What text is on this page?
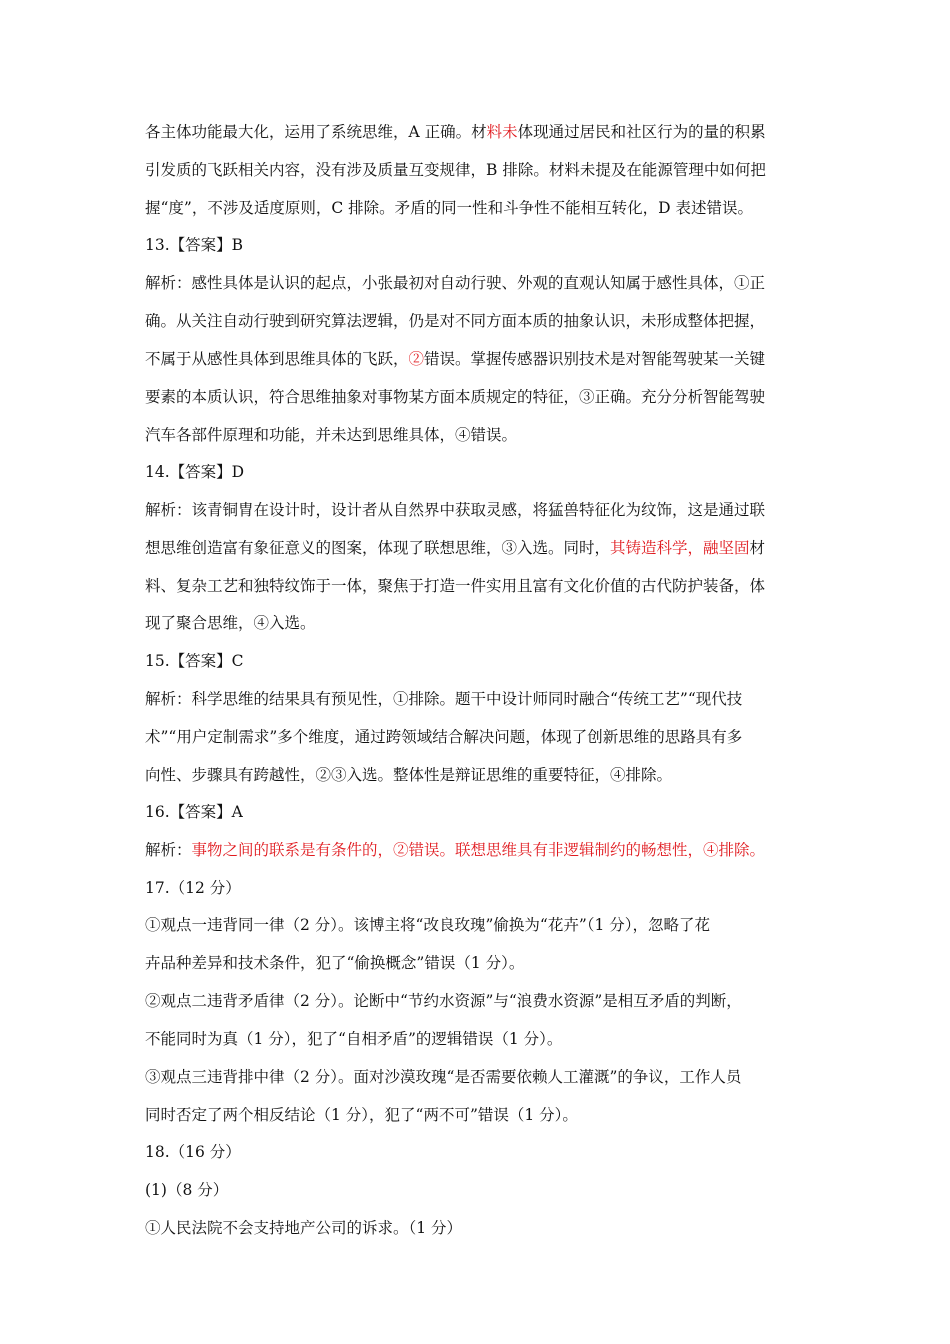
各主体功能最大化，运用了系统思维，A 正确。材料未体现通过居民和社区行为的量的积累
引发质的飞跃相关内容，没有涉及质量互变规律，B 排除。材料未提及在能源管理中如何把
握“度”，不涉及适度原则，C 排除。矛盾的同一性和斗争性不能相互转化，D 表述错误。
13.【答案】B
解析：感性具体是认识的起点，小张最初对自动行驶、外观的直观认知属于感性具体，①正
确。从关注自动行驶到研究算法逻辑，仍是对不同方面本质的抽象认识，未形成整体把握，
不属于从感性具体到思维具体的飞跃，②错误。掌握传感器识别技术是对智能驾驶某一关键
要素的本质认识，符合思维抽象对事物某方面本质规定的特征，③正确。充分分析智能驾驶
汽车各部件原理和功能，并未达到思维具体，④错误。
14.【答案】D
解析：该青铜胄在设计时，设计者从自然界中获取灵感，将猛兽特征化为纹饰，这是通过联
想思维创造富有象征意义的图案，体现了联想思维，③入选。同时，其铸造科学，融坚固材
料、复杂工艺和独特纹饰于一体，聚焦于打造一件实用且富有文化价值的古代防护装备，体
现了聚合思维，④入选。
15.【答案】C
解析：科学思维的结果具有预见性，①排除。题干中设计师同时融合“传统工艺”“现代技
术”“用户定制需求”多个维度，通过跨领域结合解决问题，体现了创新思维的思路具有多
向性、步骤具有跨越性，②③入选。整体性是辩证思维的重要特征，④排除。
16.【答案】A
解析：事物之间的联系是有条件的，②错误。联想思维具有非逻辑制约的畅想性，④排除。
17.（12 分）
①观点一违背同一律（2 分）。该博主将“改良玫瑰”偷换为“花卉”（1 分），忽略了花
卉品种差异和技术条件，犯了“偷换概念”错误（1 分）。
②观点二违背矛盾律（2 分）。论断中“节约水资源”与“浪费水资源”是相互矛盾的判断，
不能同时为真（1 分），犯了“自相矛盾”的逻辑错误（1 分）。
③观点三违背排中律（2 分）。面对沙漠玫瑰“是否需要依赖人工灌溉”的争议，工作人员
同时否定了两个相反结论（1 分），犯了“两不可”错误（1 分）。
18.（16 分）
(1)（8 分）
①人民法院不会支持地产公司的诉求。（1 分）
